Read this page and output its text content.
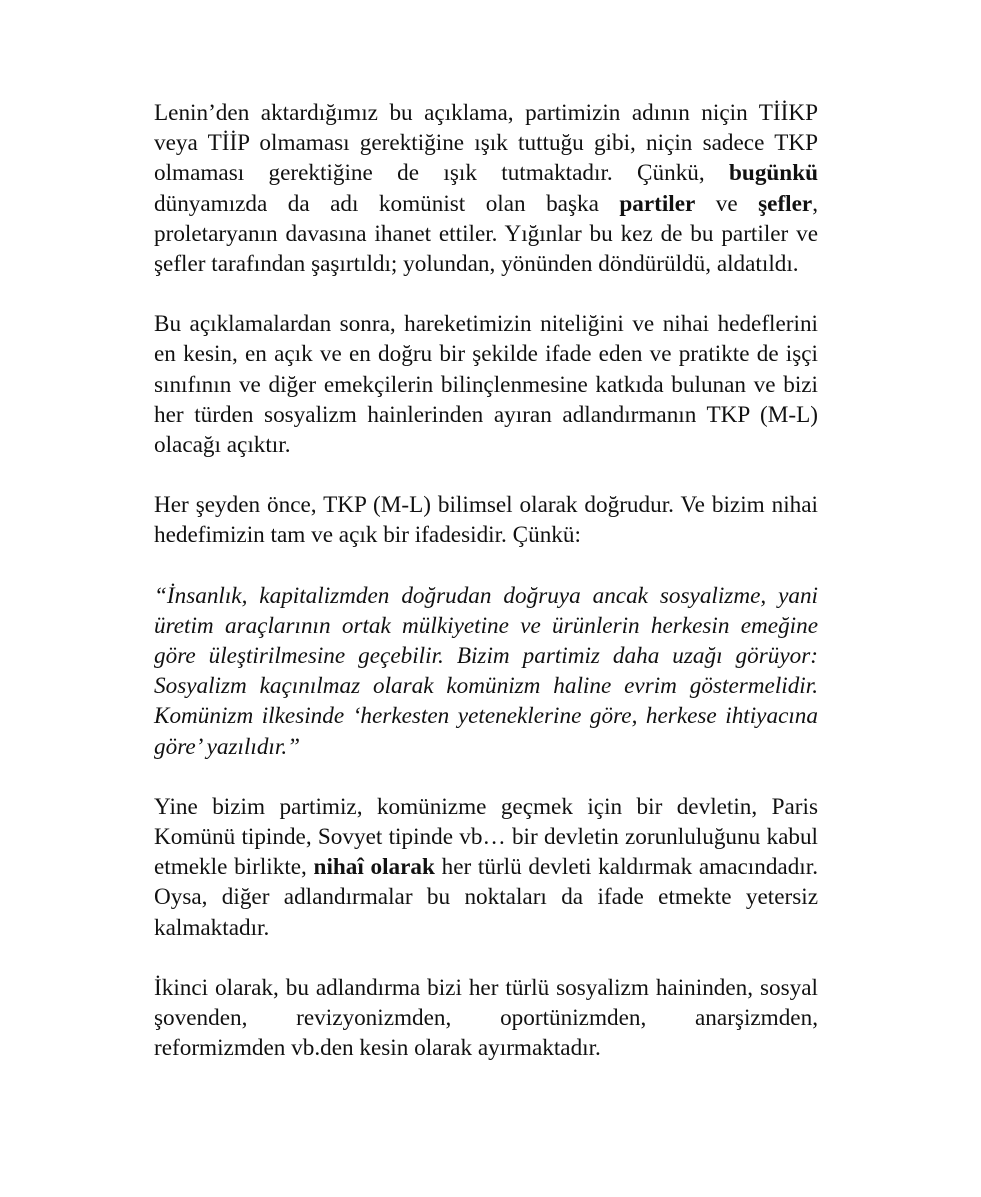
Lenin’den aktardığımız bu açıklama, partimizin adının niçin TİİKP veya TİİP olmaması gerektiğine ışık tuttuğu gibi, niçin sadece TKP olmaması gerektiğine de ışık tutmaktadır. Çünkü, bugünkü dünyamızda da adı komünist olan başka partiler ve şefler, proletaryanın davasına ihanet ettiler. Yığınlar bu kez de bu partiler ve şefler tarafından şaşırtıldı; yolundan, yönünden döndürüldü, aldatıldı.

Bu açıklamalardan sonra, hareketimizin niteliğini ve nihai hedeflerini en kesin, en açık ve en doğru bir şekilde ifade eden ve pratikte de işçi sınıfının ve diğer emekçilerin bilinçlenmesine katkıda bulunan ve bizi her türden sosyalizm hainlerinden ayıran adlandırmanın TKP (M-L) olacağı açıktır.

Her şeyden önce, TKP (M-L) bilimsel olarak doğrudur. Ve bizim nihai hedefimizin tam ve açık bir ifadesidir. Çünkü:

“İnsanlık, kapitalizmden doğrudan doğruya ancak sosyalizme, yani üretim araçlarının ortak mülkiyetine ve ürünlerin herkesin emeğine göre üleştirilmesine geçebilir. Bizim partimiz daha uzağı görüyor: Sosyalizm kaçınılmaz olarak komünizm haline evrim göstermelidir. Komünizm ilkesinde ‘herkesten yeteneklerine göre, herkese ihtiyacına göre’ yazılıdır.”

Yine bizim partimiz, komünizme geçmek için bir devletin, Paris Komünü tipinde, Sovyet tipinde vb… bir devletin zorunluluğunu kabul etmekle birlikte, nihaî olarak her türlü devleti kaldırmak amacındadır. Oysa, diğer adlandırmalar bu noktaları da ifade etmekte yetersiz kalmaktadır.

İkinci olarak, bu adlandırma bizi her türlü sosyalizm haininden, sosyal şovenden, revizyonizmden, oportünizmden, anarşizmden, reformizmden vb.den kesin olarak ayırmaktadır.
